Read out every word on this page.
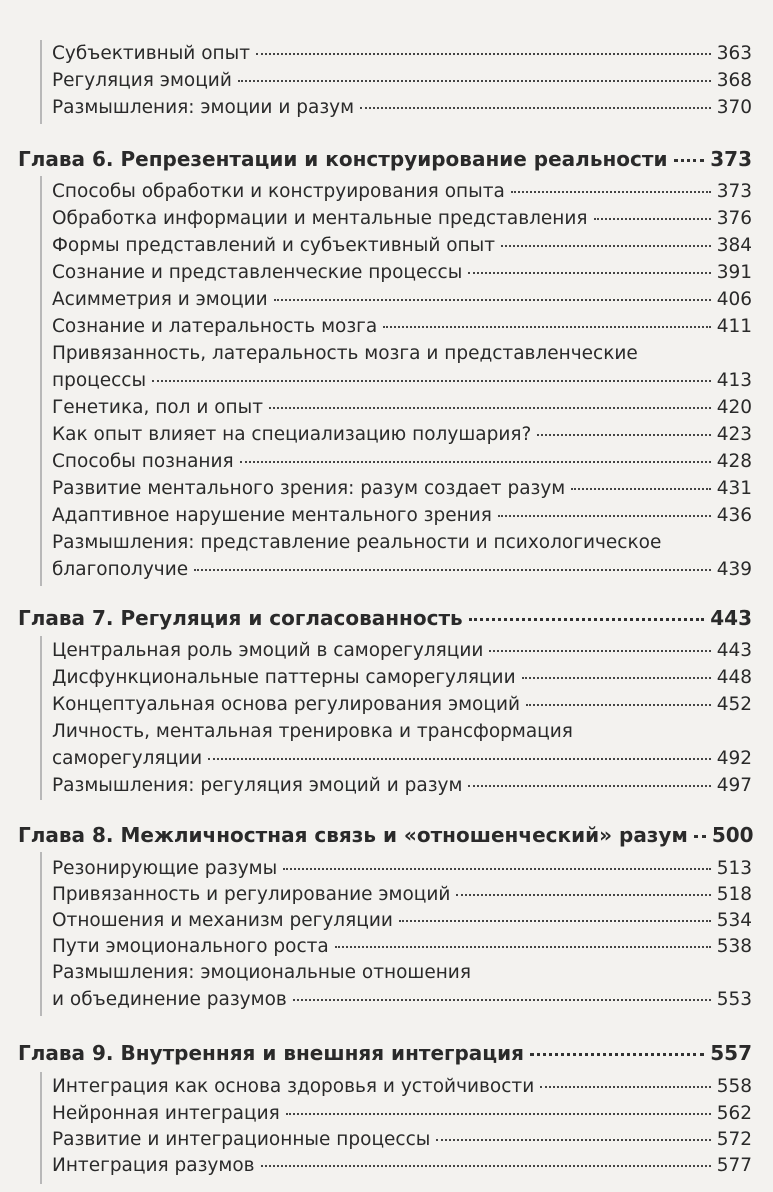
Субъективный опыт	363
Регуляция эмоций	368
Размышления: эмоции и разум	370
Глава 6. Репрезентации и конструирование реальности 373
Способы обработки и конструирования опыта	373
Обработка информации и ментальные представления	376
Формы представлений и субъективный опыт	384
Сознание и представленческие процессы	391
Асимметрия и эмоции	406
Сознание и латеральность мозга	411
Привязанность, латеральность мозга и представленческие
процессы	413
Генетика, пол и опыт	420
Как опыт влияет на специализацию полушария?	423
Способы познания	428
Развитие ментального зрения: разум создает разум	431
Адаптивное нарушение ментального зрения	436
Размышления: представление реальности и психологическое
благополучие	439
Глава 7. Регуляция и согласованность	443
Центральная роль эмоций в саморегуляции	443
Дисфункциональные паттерны саморегуляции	448
Концептуальная основа регулирования эмоций	452
Личность, ментальная тренировка и трансформация
саморегуляции	492
Размышления: регуляция эмоций и разум	497
Глава 8. Межличностная связь и «отношенческий» разум 500
Резонирующие разумы	513
Привязанность и регулирование эмоций	518
Отношения и механизм регуляции	534
Пути эмоционального роста	538
Размышления: эмоциональные отношения
и объединение разумов	553
Глава 9. Внутренняя и внешняя интеграция	557
Интеграция как основа здоровья и устойчивости	558
Нейронная интеграция	562
Развитие и интеграционные процессы	572
Интеграция разумов	577
